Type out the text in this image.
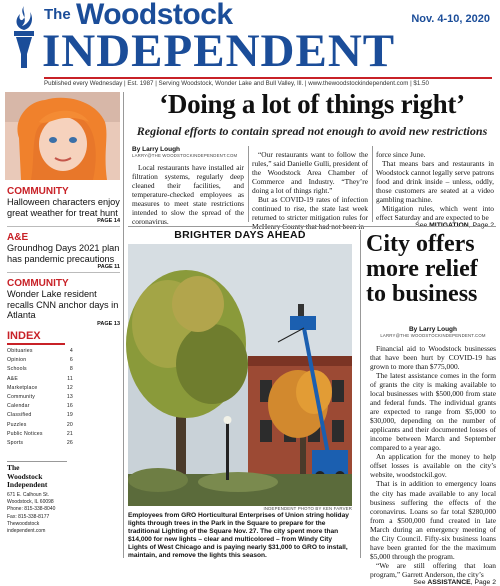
The Woodstock	Nov. 4-10, 2020
INDEPENDENT
Published every Wednesday | Est. 1987 | Serving Woodstock, Wonder Lake and Bull Valley, Ill. | www.thewoodstockindependent.com | $1.50
COMMUNITY
Halloween characters enjoy great weather for treat hunt
PAGE 14
A&E
Groundhog Days 2021 plan has pandemic precautions
PAGE 11
COMMUNITY
Wonder Lake resident recalls CNN anchor days in Atlanta
PAGE 13
INDEX
Obituaries	4
Opinion	6
Schools	8
A&E	11
Marketplace	12
Community	13
Calendar	16
Classified	19
Puzzles	20
Public Notices	21
Sports	26
The
Woodstock
Independent
671 E. Calhoun St.
Woodstock, IL 60098
Phone: 815-338-8040
Fax: 815-338-8177
Thewoodstock
independent.com
‘Doing a lot of things right’
Regional efforts to contain spread not enough to avoid new restrictions
By Larry Lough
LARRY@THE WOODSTOCKINDEPENDENT.COM

Local restaurants have installed air filtration systems, regularly deep cleaned their facilities, and temperature-checked employees as measures to meet state restrictions intended to slow the spread of the coronavirus.

“Our restaurants want to follow the rules,” said Danielle Gulli, president of the Woodstock Area Chamber of Commerce and Industry. “They’re doing a lot of things right.”

But as COVID-19 rates of infection continued to rise, the state last week returned to stricter mitigation rules for

force since June.

That means bars and restaurants in Woodstock cannot legally serve patrons food and drink inside – unless, oddly, those customers are seated at a video gambling machine.

Mitigation rules, which went into effect Saturday and are expected to be

BRIGHTER DAYS AHEAD
INDEPENDENT PHOTO BY KEN FARVER
Employees from GRO Horticultural Enterprises of Union string holiday lights through trees in the Park in the Square to prepare for the traditional Lighting of the Square Nov. 27. The city spent more than $14,000 for new lights – clear and multicolored – from Windy City Lights of West Chicago and is paying nearly $31,000 to GRO to install, maintain, and remove the lights this season.
City offers more relief to business
By Larry Lough
LARRY@THE WOODSTOCKINDEPENDENT.COM

Financial aid to Woodstock businesses that have been hurt by COVID-19 has grown to more than $775,000.

The latest assistance comes in the form of grants the city is making available to local businesses with $500,000 from state and federal funds. The individual grants are expected to range from $5,000 to $30,000, depending on the number of applicants and their documented losses of income between March and September compared to a year ago.

An application for the money to help offset losses is available on the city’s website, woodstockil.gov.

That is in addition to emergency loans the city has made available to any local business suffering the effects of the coronavirus. Loans so far total $280,000 from a $500,000 fund created in late March during an emergency meeting of the City Council. Fifty-six business loans have been granted for the the maximum $5,000 through the program.

“We are still offering that loan program,” Garrett Anderson, the city’s

See ASSISTANCE, Page 2
